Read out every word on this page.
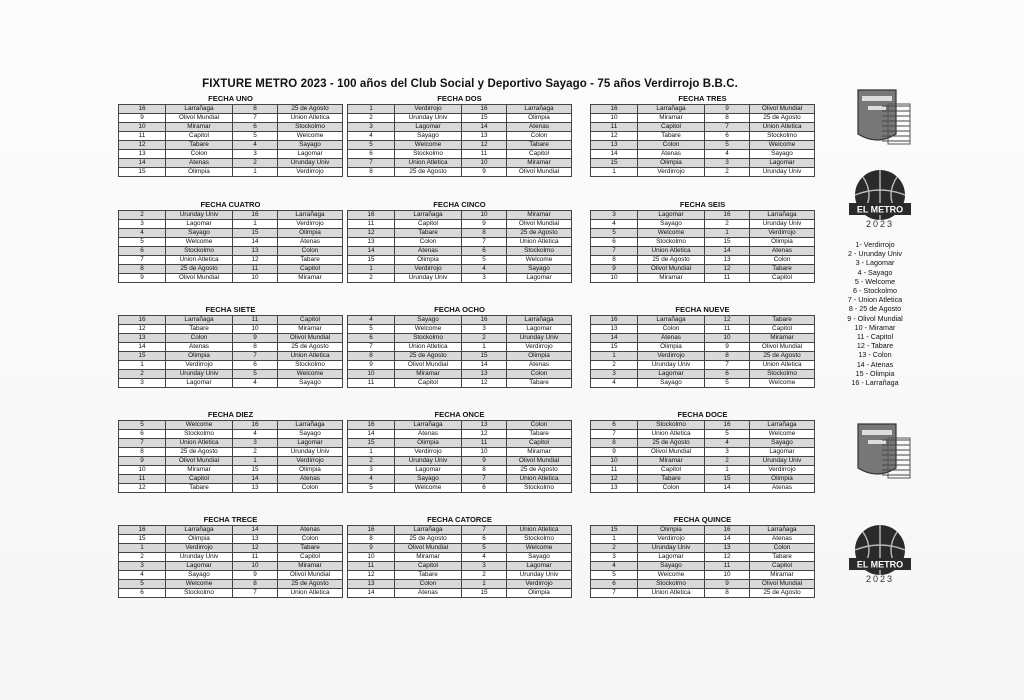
FIXTURE METRO 2023 - 100 años del Club Social y Deportivo Sayago - 75 años Verdirrojo B.B.C.
FECHA UNO
16	Larrañaga	8	25 de Agosto
9	Olivol Mundial	7	Union Atletica
10	Miramar	6	Stockolmo
11	Capitol	5	Welcome
12	Tabare	4	Sayago
13	Colon	3	Lagomar
14	Atenas	2	Urunday Univ
15	Olimpia	1	Verdirrojo
FECHA DOS
1	Verdirrojo	16	Larrañaga
2	Urunday Univ	15	Olimpia
3	Lagomar	14	Atenas
4	Sayago	13	Colon
5	Welcome	12	Tabare
6	Stockolmo	11	Capitol
7	Union Atletica	10	Miramar
8	25 de Agosto	9	Olivol Mundial
FECHA TRES
16	Larrañaga	9	Olivol Mundial
10	Miramar	8	25 de Agosto
11	Capitol	7	Union Atletica
12	Tabare	6	Stockolmo
13	Colon	5	Welcome
14	Atenas	4	Sayago
15	Olimpia	3	Lagomar
1	Verdirrojo	2	Urunday Univ
FECHA CUATRO
2	Urunday Univ	16	Larrañaga
3	Lagomar	1	Verdirrojo
4	Sayago	15	Olimpia
5	Welcome	14	Atenas
6	Stockolmo	13	Colon
7	Union Atletica	12	Tabare
8	25 de Agosto	11	Capitol
9	Olivol Mundial	10	Miramar
FECHA CINCO
16	Larrañaga	10	Miramar
11	Capitol	9	Olivol Mundial
12	Tabare	8	25 de Agosto
13	Colon	7	Union Atletica
14	Atenas	6	Stockolmo
15	Olimpia	5	Welcome
1	Verdirrojo	4	Sayago
2	Urunday Univ	3	Lagomar
FECHA SEIS
3	Lagomar	16	Larrañaga
4	Sayago	2	Urunday Univ
5	Welcome	1	Verdirrojo
6	Stockolmo	15	Olimpia
7	Union Atletica	14	Atenas
8	25 de Agosto	13	Colon
9	Olivol Mundial	12	Tabare
10	Miramar	11	Capitol
FECHA SIETE
16	Larrañaga	11	Capitol
12	Tabare	10	Miramar
13	Colon	9	Olivol Mundial
14	Atenas	8	25 de Agosto
15	Olimpia	7	Union Atletica
1	Verdirrojo	6	Stockolmo
2	Urunday Univ	5	Welcome
3	Lagomar	4	Sayago
FECHA OCHO
4	Sayago	16	Larrañaga
5	Welcome	3	Lagomar
6	Stockolmo	2	Urunday Univ
7	Union Atletica	1	Verdirrojo
8	25 de Agosto	15	Olimpia
9	Olivol Mundial	14	Atenas
10	Miramar	13	Colon
11	Capitol	12	Tabare
FECHA NUEVE
16	Larrañaga	12	Tabare
13	Colon	11	Capitol
14	Atenas	10	Miramar
15	Olimpia	9	Olivol Mundial
1	Verdirrojo	8	25 de Agosto
2	Urunday Univ	7	Union Atletica
3	Lagomar	6	Stockolmo
4	Sayago	5	Welcome
FECHA DIEZ
5	Welcome	16	Larrañaga
6	Stockolmo	4	Sayago
7	Union Atletica	3	Lagomar
8	25 de Agosto	2	Urunday Univ
9	Olivol Mundial	1	Verdirrojo
10	Miramar	15	Olimpia
11	Capitol	14	Atenas
12	Tabare	13	Colon
FECHA ONCE
16	Larrañaga	13	Colon
14	Atenas	12	Tabare
15	Olimpia	11	Capitol
1	Verdirrojo	10	Miramar
2	Urunday Univ	9	Olivol Mundial
3	Lagomar	8	25 de Agosto
4	Sayago	7	Union Atletica
5	Welcome	6	Stockolmo
FECHA DOCE
6	Stockolmo	16	Larrañaga
7	Union Atletica	5	Welcome
8	25 de Agosto	4	Sayago
9	Olivol Mundial	3	Lagomar
10	Miramar	2	Urunday Univ
11	Capitol	1	Verdirrojo
12	Tabare	15	Olimpia
13	Colon	14	Atenas
FECHA TRECE
16	Larrañaga	14	Atenas
15	Olimpia	13	Colon
1	Verdirrojo	12	Tabare
2	Urunday Univ	11	Capitol
3	Lagomar	10	Miramar
4	Sayago	9	Olivol Mundial
5	Welcome	8	25 de Agosto
6	Stockolmo	7	Union Atletica
FECHA CATORCE
16	Larrañaga	7	Union Atletica
8	25 de Agosto	6	Stockolmo
9	Olivol Mundial	5	Welcome
10	Miramar	4	Sayago
11	Capitol	3	Lagomar
12	Tabare	2	Urunday Univ
13	Colon	1	Verdirrojo
14	Atenas	15	Olimpia
FECHA QUINCE
15	Olimpia	16	Larrañaga
1	Verdirrojo	14	Atenas
2	Urunday Univ	13	Colon
3	Lagomar	12	Tabare
4	Sayago	11	Capitol
5	Welcome	10	Miramar
6	Stockolmo	9	Olivol Mundial
7	Union Atletica	8	25 de Agosto
EL METRO
2023
1- Verdirrojo
2 - Urunday Univ
3 - Lagomar
4 - Sayago
5 - Welcome
6 - Stockolmo
7 - Union Atletica
8 - 25 de Agosto
9 - Olivol Mundial
10 - Miramar
11 - Capitol
12 - Tabare
13 - Colon
14 - Atenas
15 - Olimpia
16 - Larrañaga
EL METRO
2023
